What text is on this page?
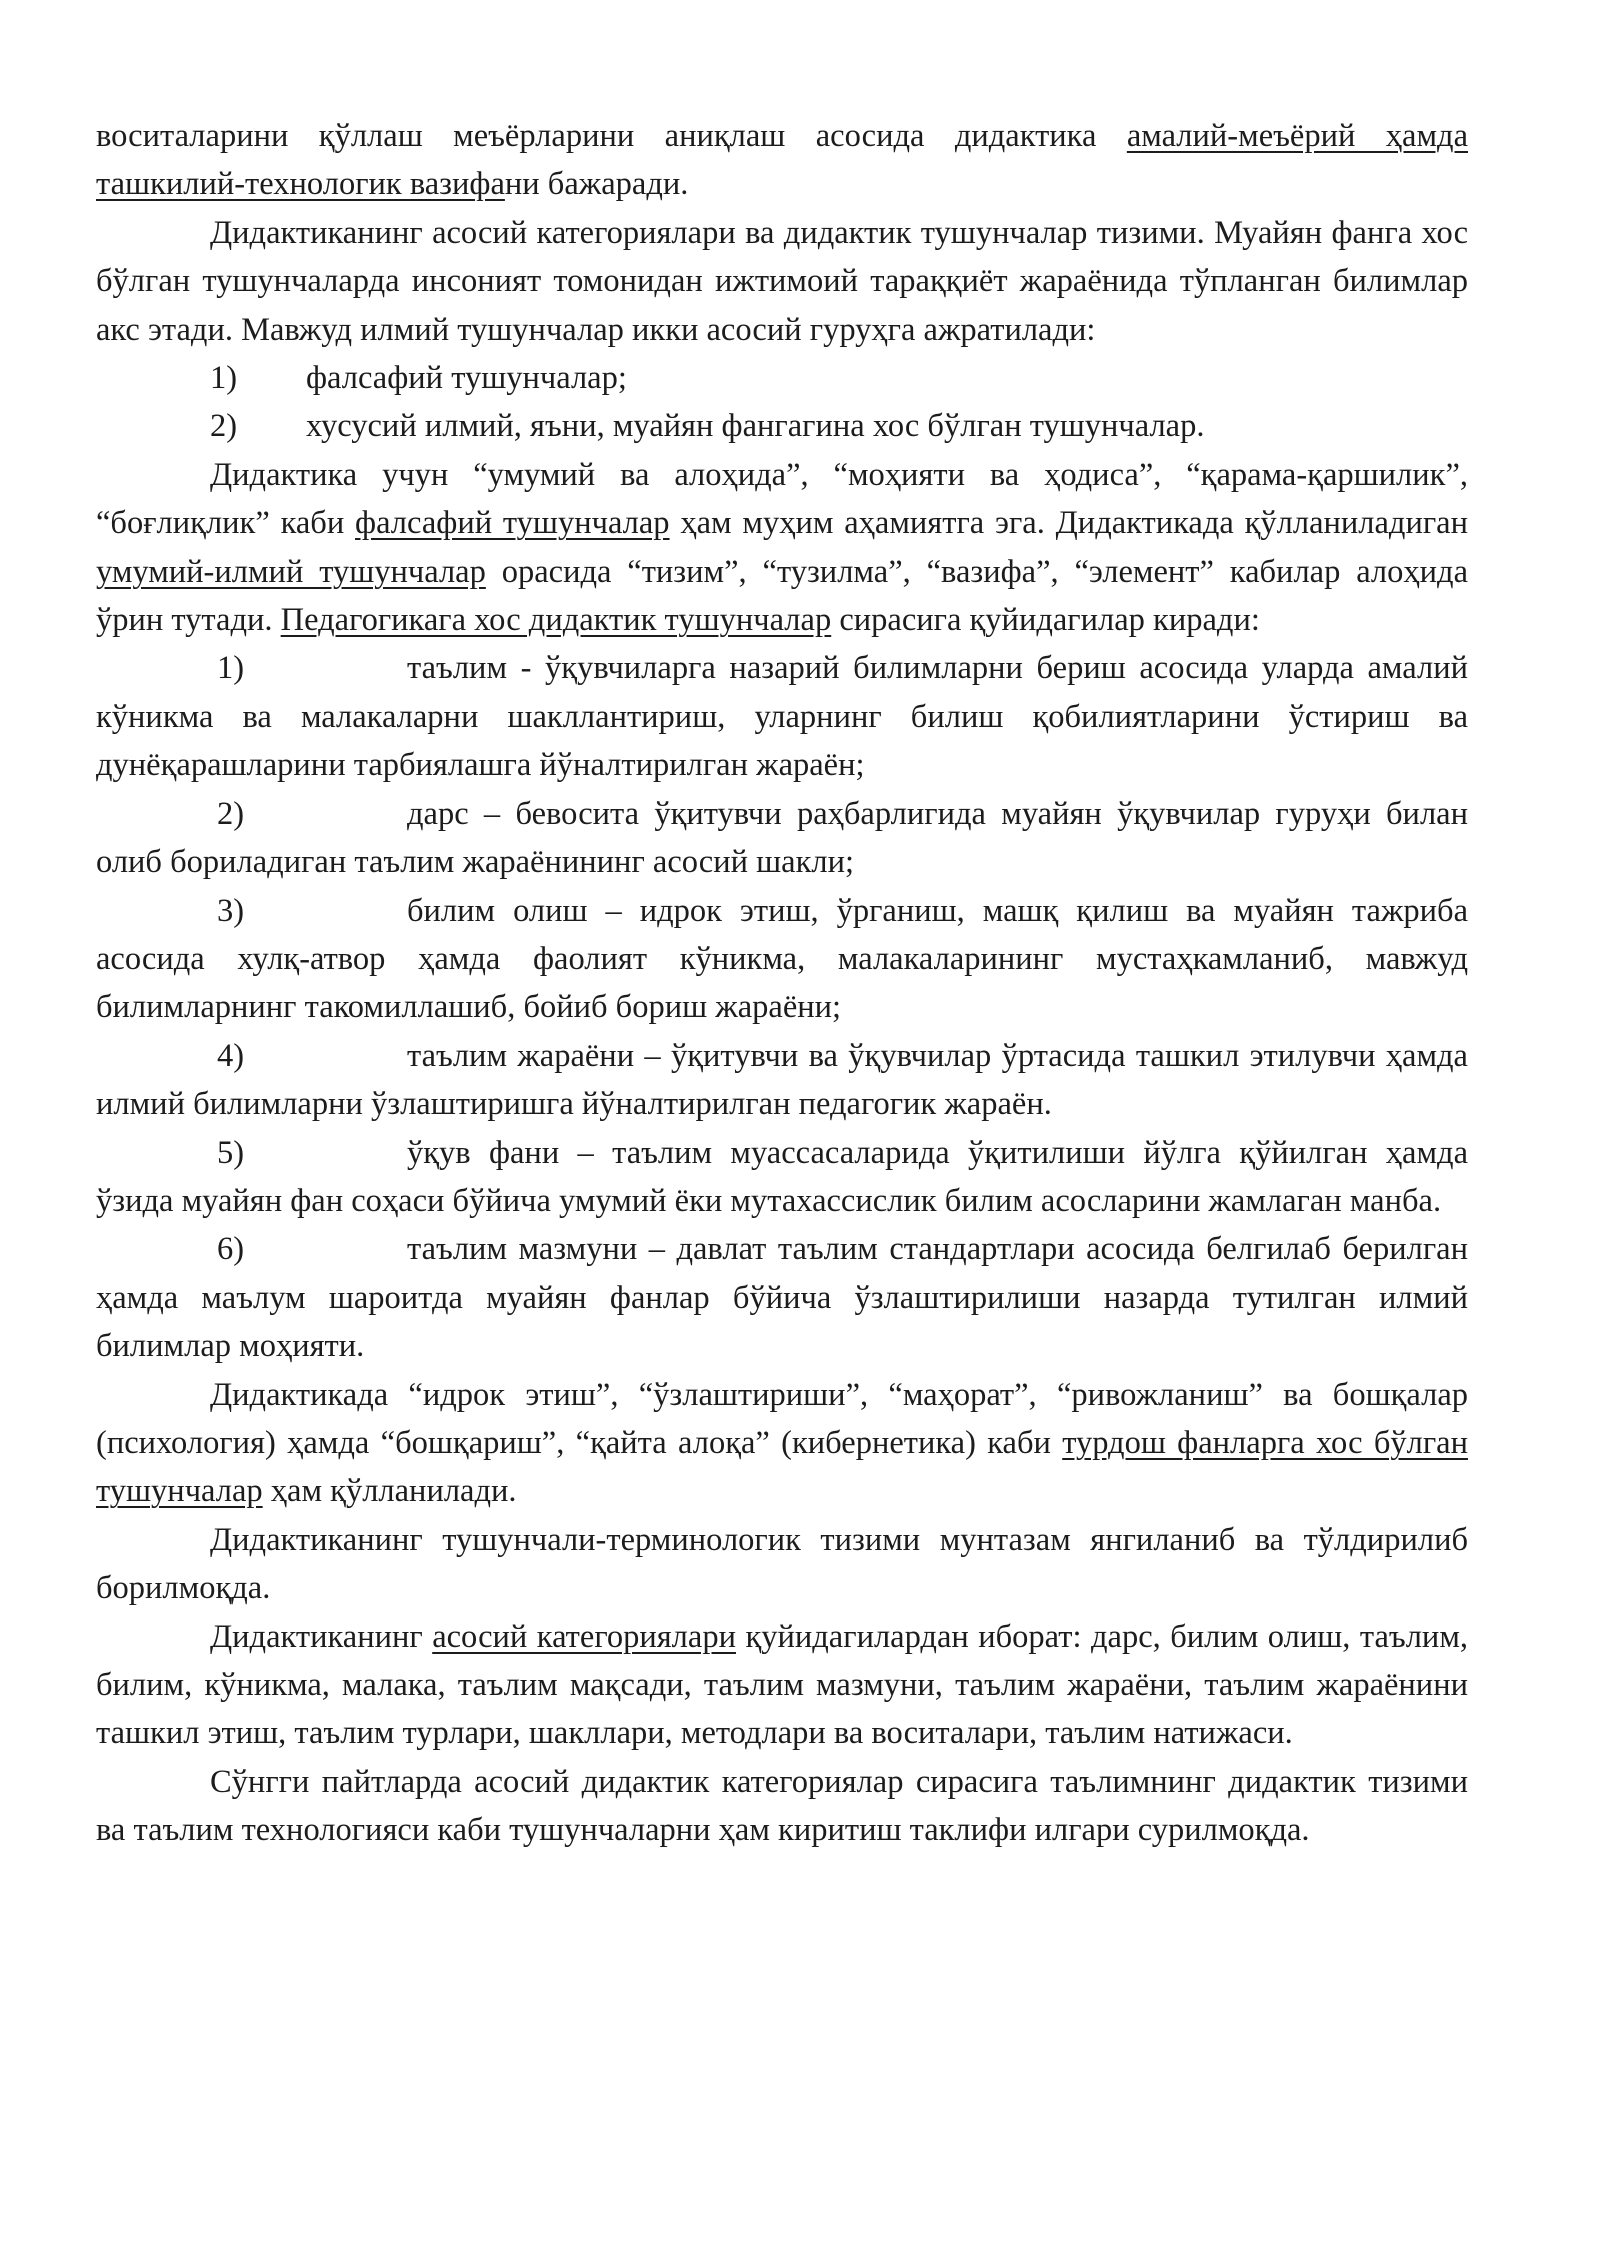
воситаларини қўллаш меъёрларини аниқлаш асосида дидактика амалий-меъёрий ҳамда ташкилий-технологик вазифани бажаради.

Дидактиканинг асосий категориялари ва дидактик тушунчалар тизими. Муайян фанга хос бўлган тушунчаларда инсоният томонидан ижтимоий тараққиёт жараёнида тўпланган билимлар акс этади. Мавжуд илмий тушунчалар икки асосий гуруҳга ажратилади:

1)	фалсафий тушунчалар;
2)	хусусий илмий, яъни, муайян фангагина хос бўлган тушунчалар.

Дидактика учун “умумий ва алоҳида”, “моҳияти ва ҳодиса”, “қарама-қаршилик”, “боғлиқлик” каби фалсафий тушунчалар ҳам муҳим аҳамиятга эга. Дидактикада қўлланиладиган умумий-илмий тушунчалар орасида “тизим”, “тузилма”, “вазифа”, “элемент” кабилар алоҳида ўрин тутади. Педагогикага хос дидактик тушунчалар сирасига қуйидагилар киради:

1)	таълим - ўқувчиларга назарий билимларни бериш асосида уларда амалий кўникма ва малакаларни шакллантириш, уларнинг билиш қобилиятларини ўстириш ва дунёқарашларини тарбиялашга йўналтирилган жараён;

2)	дарс – бевосита ўқитувчи раҳбарлигида муайян ўқувчилар гуруҳи билан олиб бориладиган таълим жараёнининг асосий шакли;

3)	билим олиш – идрок этиш, ўрганиш, машқ қилиш ва муайян тажриба асосида хулқ-атвор ҳамда фаолият кўникма, малакаларининг мустаҳкамланиб, мавжуд билимларнинг такомиллашиб, бойиб бориш жараёни;

4)	таълим жараёни – ўқитувчи ва ўқувчилар ўртасида ташкил этилувчи ҳамда илмий билимларни ўзлаштиришга йўналтирилган педагогик жараён.

5)	ўқув фани – таълим муассасаларида ўқитилиши йўлга қўйилган ҳамда ўзида муайян фан соҳаси бўйича умумий ёки мутахассислик билим асосларини жамлаган манба.

6)	таълим мазмуни – давлат таълим стандартлари асосида белгилаб берилган ҳамда маълум шароитда муайян фанлар бўйича ўзлаштирилиши назарда тутилган илмий билимлар моҳияти.

Дидактикада “идрок этиш”, “ўзлаштириши”, “маҳорат”, “ривожланиш” ва бошқалар (психология) ҳамда “бошқариш”, “қайта алоқа” (кибернетика) каби турдош фанларга хос бўлган тушунчалар ҳам қўлланилади.

Дидактиканинг тушунчали-терминологик тизими мунтазам янгиланиб ва тўлдирилиб борилмоқда.

Дидактиканинг асосий категориялари қуйидагилардан иборат: дарс, билим олиш, таълим, билим, кўникма, малака, таълим мақсади, таълим мазмуни, таълим жараёни, таълим жараёнини ташкил этиш, таълим турлари, шакллари, методлари ва воситалари, таълим натижаси.

Сўнгги пайтларда асосий дидактик категориялар сирасига таълимнинг дидактик тизими ва таълим технологияси каби тушунчаларни ҳам киритиш таклифи илгари сурилмоқда.
